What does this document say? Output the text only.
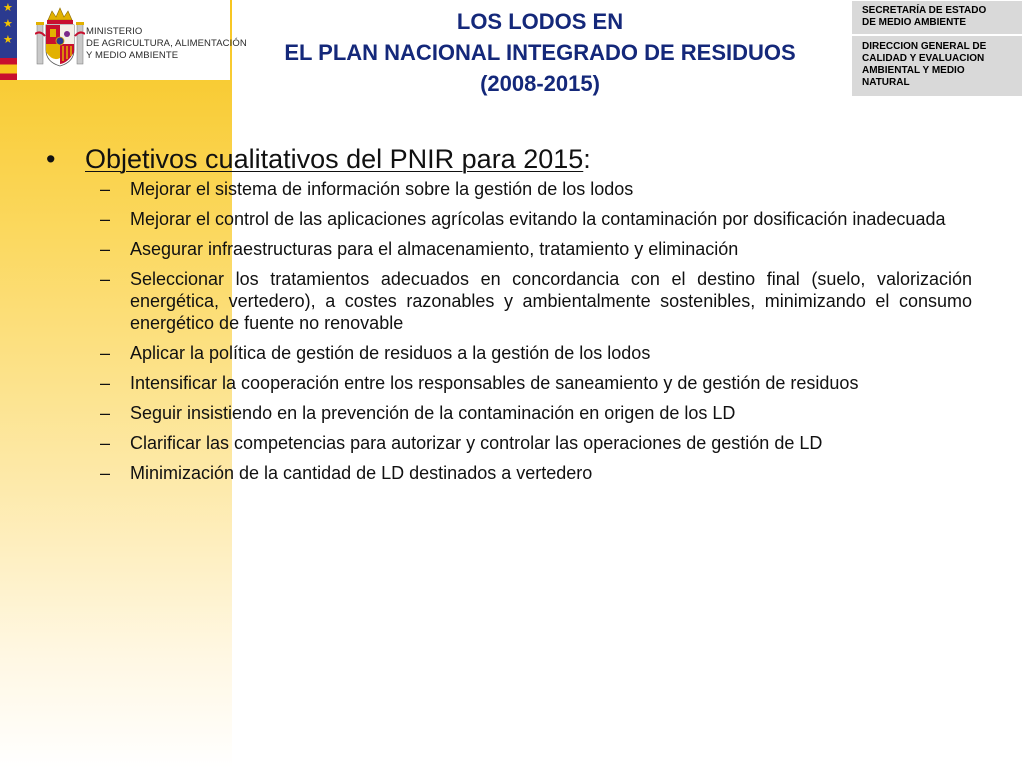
★
★
★
MINISTERIO
DE AGRICULTURA, ALIMENTACIÓN
Y MEDIO AMBIENTE
LOS LODOS EN
EL PLAN NACIONAL INTEGRADO DE RESIDUOS
(2008-2015)
SECRETARÍA DE ESTADO
DE MEDIO AMBIENTE
DIRECCION GENERAL DE
CALIDAD Y EVALUACION
AMBIENTAL Y MEDIO
NATURAL
• Objetivos cualitativos del PNIR para 2015:
– Mejorar el sistema de información sobre la gestión de los lodos
– Mejorar el control de las aplicaciones agrícolas evitando la contaminación por dosificación inadecuada
– Asegurar infraestructuras para el almacenamiento, tratamiento y eliminación
– Seleccionar los tratamientos adecuados en concordancia con el destino final (suelo, valorización energética, vertedero), a costes razonables y ambientalmente sostenibles, minimizando el consumo energético de fuente no renovable
– Aplicar la política de gestión de residuos a la gestión de los lodos
– Intensificar la cooperación entre los responsables de saneamiento y de gestión de residuos
– Seguir insistiendo en la prevención de la contaminación en origen de los LD
– Clarificar las competencias para autorizar y controlar las operaciones de gestión de LD
– Minimización de la cantidad de LD destinados a vertedero
